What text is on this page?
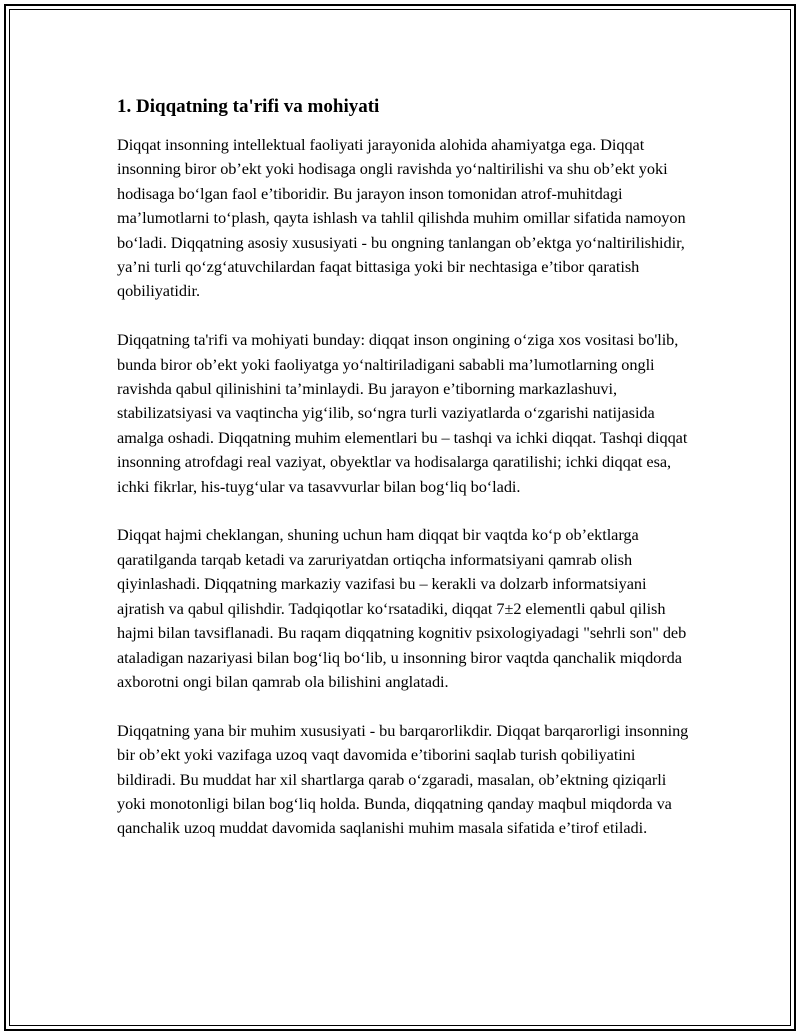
1. Diqqatning ta'rifi va mohiyati

Diqqat insonning intellektual faoliyati jarayonida alohida ahamiyatga ega. Diqqat insonning biror ob’ekt yoki hodisaga ongli ravishda yo‘naltirilishi va shu ob’ekt yoki hodisaga bo‘lgan faol e’tiboridir. Bu jarayon inson tomonidan atrof-muhitdagi ma’lumotlarni to‘plash, qayta ishlash va tahlil qilishda muhim omillar sifatida namoyon bo‘ladi. Diqqatning asosiy xususiyati - bu ongning tanlangan ob’ektga yo‘naltirilishidir, ya’ni turli qo‘zg‘atuvchilardan faqat bittasiga yoki bir nechtasiga e’tibor qaratish qobiliyatidir.

Diqqatning ta'rifi va mohiyati bunday: diqqat inson ongining o‘ziga xos vositasi bo'lib, bunda biror ob’ekt yoki faoliyatga yo‘naltiriladigani sababli ma’lumotlarning ongli ravishda qabul qilinishini ta’minlaydi. Bu jarayon e’tiborning markazlashuvi, stabilizatsiyasi va vaqtincha yig‘ilib, so‘ngra turli vaziyatlarda o‘zgarishi natijasida amalga oshadi. Diqqatning muhim elementlari bu – tashqi va ichki diqqat. Tashqi diqqat insonning atrofdagi real vaziyat, obyektlar va hodisalarga qaratilishi; ichki diqqat esa, ichki fikrlar, his-tuyg‘ular va tasavvurlar bilan bog‘liq bo‘ladi.

Diqqat hajmi cheklangan, shuning uchun ham diqqat bir vaqtda ko‘p ob’ektlarga qaratilganda tarqab ketadi va zaruriyatdan ortiqcha informatsiyani qamrab olish qiyinlashadi. Diqqatning markaziy vazifasi bu – kerakli va dolzarb informatsiyani ajratish va qabul qilishdir. Tadqiqotlar ko‘rsatadiki, diqqat 7±2 elementli qabul qilish hajmi bilan tavsiflanadi. Bu raqam diqqatning kognitiv psixologiyadagi "sehrli son" deb ataladigan nazariyasi bilan bog‘liq bo‘lib, u insonning biror vaqtda qanchalik miqdorda axborotni ongi bilan qamrab ola bilishini anglatadi.

Diqqatning yana bir muhim xususiyati - bu barqarorlikdir. Diqqat barqarorligi insonning bir ob’ekt yoki vazifaga uzoq vaqt davomida e’tiborini saqlab turish qobiliyatini bildiradi. Bu muddat har xil shartlarga qarab o‘zgaradi, masalan, ob’ektning qiziqarli yoki monotonligi bilan bog‘liq holda. Bunda, diqqatning qanday maqbul miqdorda va qanchalik uzoq muddat davomida saqlanishi muhim masala sifatida e’tirof etiladi.
